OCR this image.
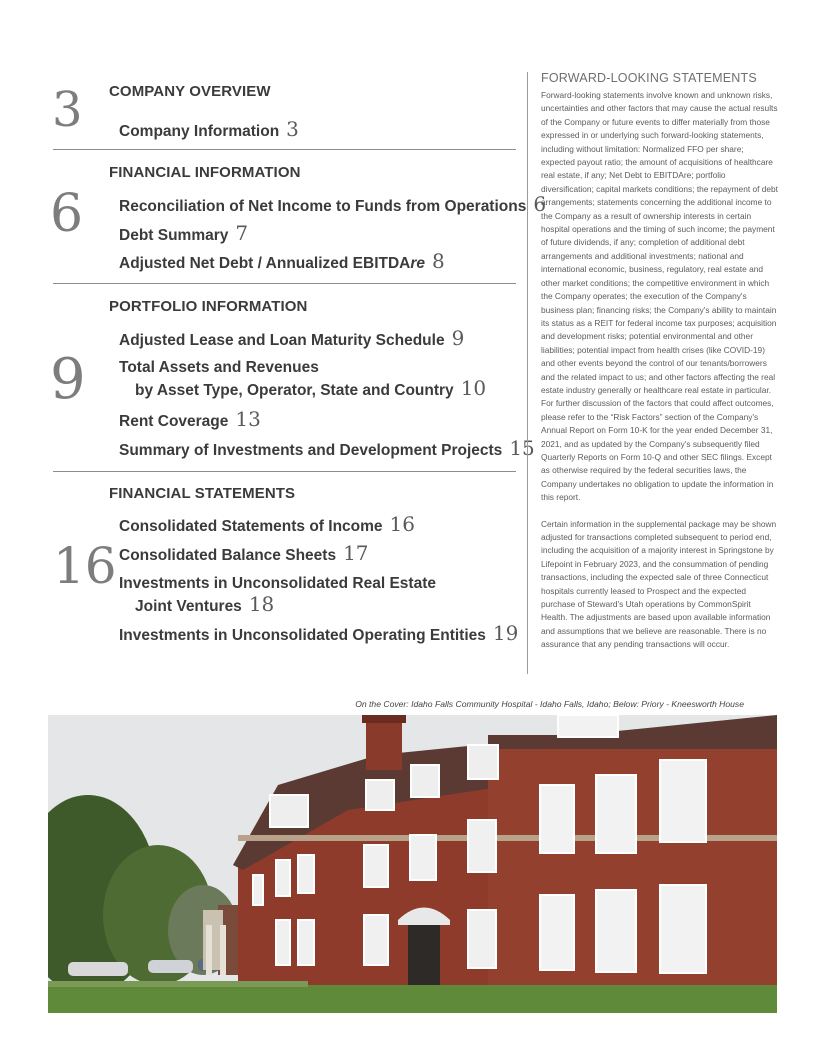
3 COMPANY OVERVIEW
Company Information 3
6
FINANCIAL INFORMATION
Reconciliation of Net Income to Funds from Operations 6
Debt Summary 7
Adjusted Net Debt / Annualized EBITDAre 8
9
PORTFOLIO INFORMATION
Adjusted Lease and Loan Maturity Schedule 9
Total Assets and Revenues
by Asset Type, Operator, State and Country 10
Rent Coverage 13
Summary of Investments and Development Projects 15
16
FINANCIAL STATEMENTS
Consolidated Statements of Income 16
Consolidated Balance Sheets 17
Investments in Unconsolidated Real Estate
Joint Ventures 18
Investments in Unconsolidated Operating Entities 19
FORWARD-LOOKING STATEMENTS

Forward-looking statements involve known and unknown risks, uncertainties and other factors that may cause the actual results of the Company or future events to differ materially from those expressed in or underlying such forward-looking statements, including without limitation: Normalized FFO per share; expected payout ratio; the amount of acquisitions of healthcare real estate, if any; Net Debt to EBITDAre; portfolio diversification; capital markets conditions; the repayment of debt arrangements; statements concerning the additional income to the Company as a result of ownership interests in certain hospital operations and the timing of such income; the payment of future dividends, if any; completion of additional debt arrangements and additional investments; national and international economic, business, regulatory, real estate and other market conditions; the competitive environment in which the Company operates; the execution of the Company's business plan; financing risks; the Company's ability to maintain its status as a REIT for federal income tax purposes; acquisition and development risks; potential environmental and other liabilities; potential impact from health crises (like COVID-19) and other events beyond the control of our tenants/borrowers and the related impact to us; and other factors affecting the real estate industry generally or healthcare real estate in particular. For further discussion of the factors that could affect outcomes, please refer to the “Risk Factors” section of the Company's Annual Report on Form 10-K for the year ended December 31, 2021, and as updated by the Company's subsequently filed Quarterly Reports on Form 10-Q and other SEC filings. Except as otherwise required by the federal securities laws, the Company undertakes no obligation to update the information in this report.

Certain information in the supplemental package may be shown adjusted for transactions completed subsequent to period end, including the acquisition of a majority interest in Springstone by Lifepoint in February 2023, and the consummation of pending transactions, including the expected sale of three Connecticut hospitals currently leased to Prospect and the expected purchase of Steward's Utah operations by CommonSpirit Health. The adjustments are based upon available information and assumptions that we believe are reasonable. There is no assurance that any pending transactions will occur.

On the Cover: Idaho Falls Community Hospital - Idaho Falls, Idaho; Below: Priory - Kneesworth House
